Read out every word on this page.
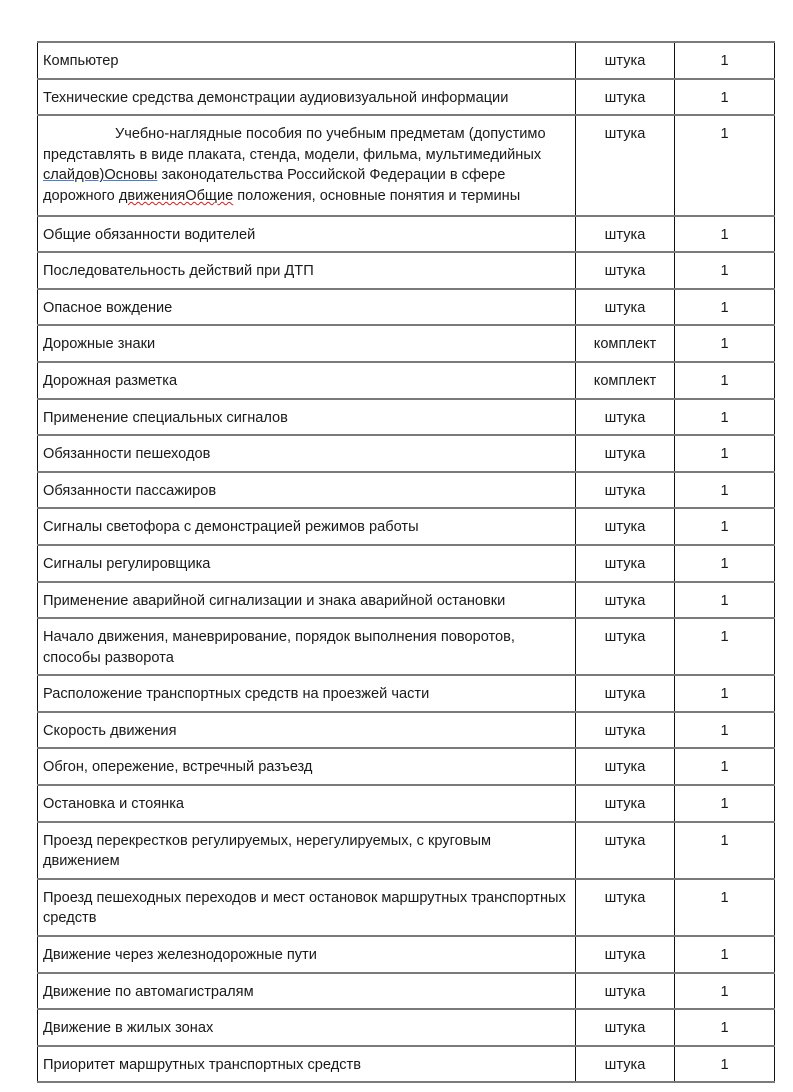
Компьютер	штука	1
Технические средства демонстрации аудиовизуальной информации	штука	1
Учебно-наглядные пособия по учебным предметам (допустимо представлять в виде плаката, стенда, модели, фильма, мультимедийных слайдов)Основы законодательства Российской Федерации в сфере дорожного движенияОбщие положения, основные понятия и термины	штука	1
Общие обязанности водителей	штука	1
Последовательность действий при ДТП	штука	1
Опасное вождение	штука	1
Дорожные знаки	комплект	1
Дорожная разметка	комплект	1
Применение специальных сигналов	штука	1
Обязанности пешеходов	штука	1
Обязанности пассажиров	штука	1
Сигналы светофора с демонстрацией режимов работы	штука	1
Сигналы регулировщика	штука	1
Применение аварийной сигнализации и знака аварийной остановки	штука	1
Начало движения, маневрирование, порядок выполнения поворотов, способы разворота	штука	1
Расположение транспортных средств на проезжей части	штука	1
Скорость движения	штука	1
Обгон, опережение, встречный разъезд	штука	1
Остановка и стоянка	штука	1
Проезд перекрестков регулируемых, нерегулируемых, с круговым движением	штука	1
Проезд пешеходных переходов и мест остановок маршрутных транспортных средств	штука	1
Движение через железнодорожные пути	штука	1
Движение по автомагистралям	штука	1
Движение в жилых зонах	штука	1
Приоритет маршрутных транспортных средств	штука	1
